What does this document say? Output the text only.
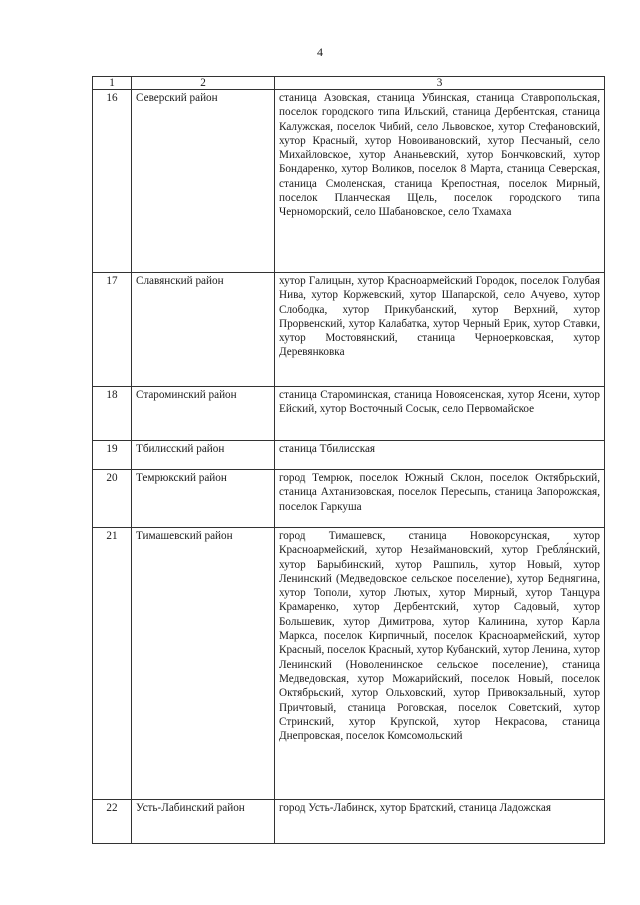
4
1	2	3
16	Северский район	станица Азовская, станица Убинская, станица Ставропольская, поселок городского типа Ильский, станица Дербентская, станица Калужская, поселок Чибий, село Львовское, хутор Стефановский, хутор Красный, хутор Новоивановский, хутор Песчаный, село Михайловское, хутор Ананьевский, хутор Бончковский, хутор Бондаренко, хутор Воликов, поселок 8 Марта, станица Северская, станица Смоленская, станица Крепостная, поселок Мирный, поселок Планческая Щель, поселок городского типа Черноморский, село Шабановское, село Тхамаха
17	Славянский район	хутор Галицын, хутор Красноармейский Городок, поселок Голубая Нива, хутор Коржевский, хутор Шапарской, село Ачуево, хутор Слободка, хутор Прикубанский, хутор Верхний, хутор Прорвенский, хутор Калабатка, хутор Черный Ерик, хутор Ставки, хутор Мостовянский, станица Черноерковская, хутор Деревянковка
18	Староминский район	станица Староминская, станица Новоясенская, хутор Ясени, хутор Ейский, хутор Восточный Сосык, село Первомайское
19	Тбилисский район	станица Тбилисская
20	Темрюкский район	город Темрюк, поселок Южный Склон, поселок Октябрьский, станица Ахтанизовская, поселок Пересыпь, станица Запорожская, поселок Гаркуша
21	Тимашевский район	город Тимашевск, станица Новокорсунская, хутор Красноармейский, хутор Незаймановский, хутор Гребля́нский, хутор Барыбинский, хутор Рашпиль, хутор Новый, хутор Ленинский (Медведовское сельское поселение), хутор Беднягина, хутор Тополи, хутор Лютых, хутор Мирный, хутор Танцура Крамаренко, хутор Дербентский, хутор Садовый, хутор Большевик, хутор Димитрова, хутор Калинина, хутор Карла Маркса, поселок Кирпичный, поселок Красноармейский, хутор Красный, поселок Красный, хутор Кубанский, хутор Ленина, хутор Ленинский (Новоленинское сельское поселение), станица Медведовская, хутор Можарийский, поселок Новый, поселок Октябрьский, хутор Ольховский, хутор Привокзальный, хутор Причтовый, станица Роговская, поселок Советский, хутор Стринский, хутор Крупской, хутор Некрасова, станица Днепровская, поселок Комсомольский
22	Усть-Лабинский район	город Усть-Лабинск, хутор Братский, станица Ладожская
